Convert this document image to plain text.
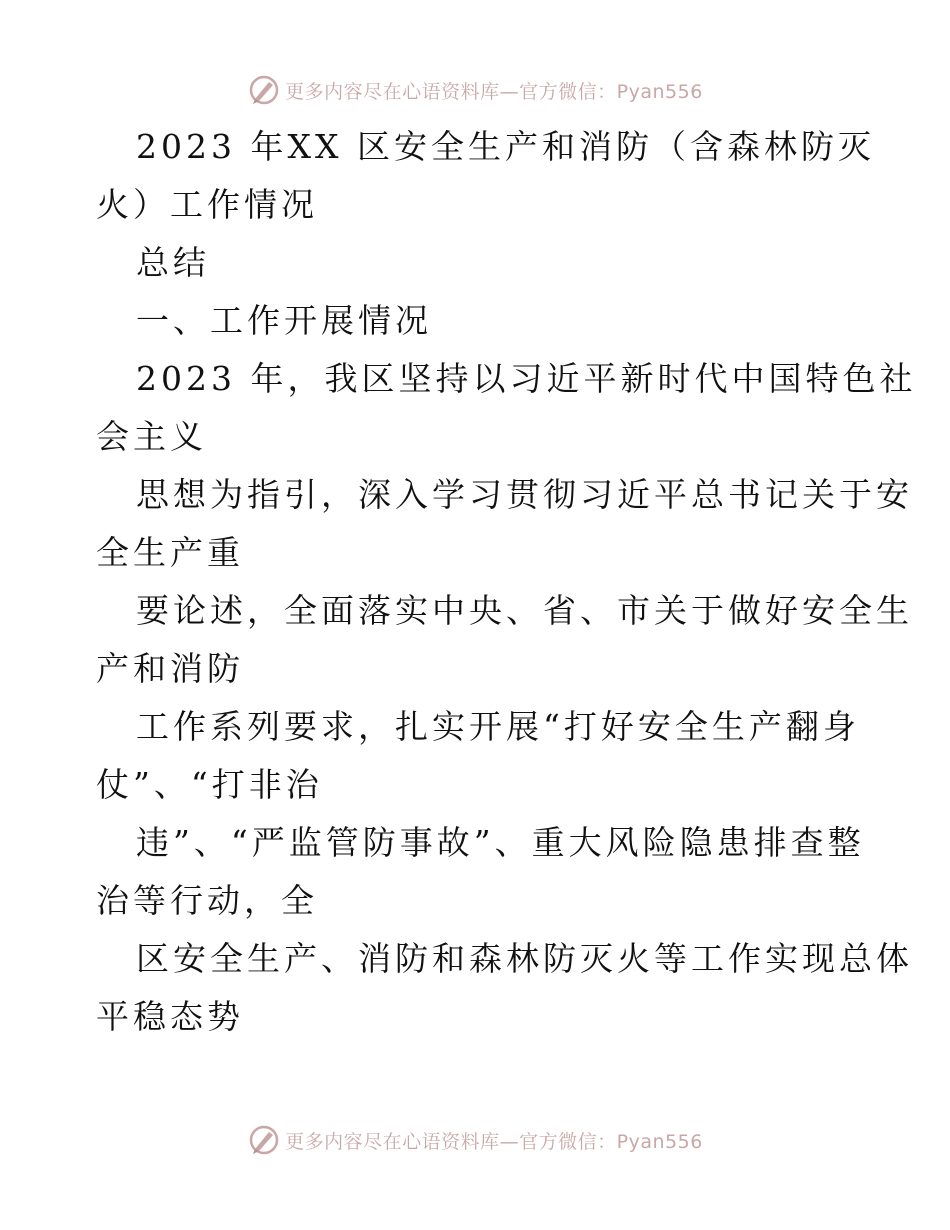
更多内容尽在心语资料库—官方微信：Pyan556
2023 年XX 区安全生产和消防（含森林防灭
火）工作情况
总结
一、工作开展情况
2023 年，我区坚持以习近平新时代中国特色社
会主义
思想为指引，深入学习贯彻习近平总书记关于安
全生产重
要论述，全面落实中央、省、市关于做好安全生
产和消防
工作系列要求，扎实开展“打好安全生产翻身
仗”、“打非治
违”、“严监管防事故”、重大风险隐患排查整
治等行动，全
区安全生产、消防和森林防灭火等工作实现总体
平稳态势
更多内容尽在心语资料库—官方微信：Pyan556
